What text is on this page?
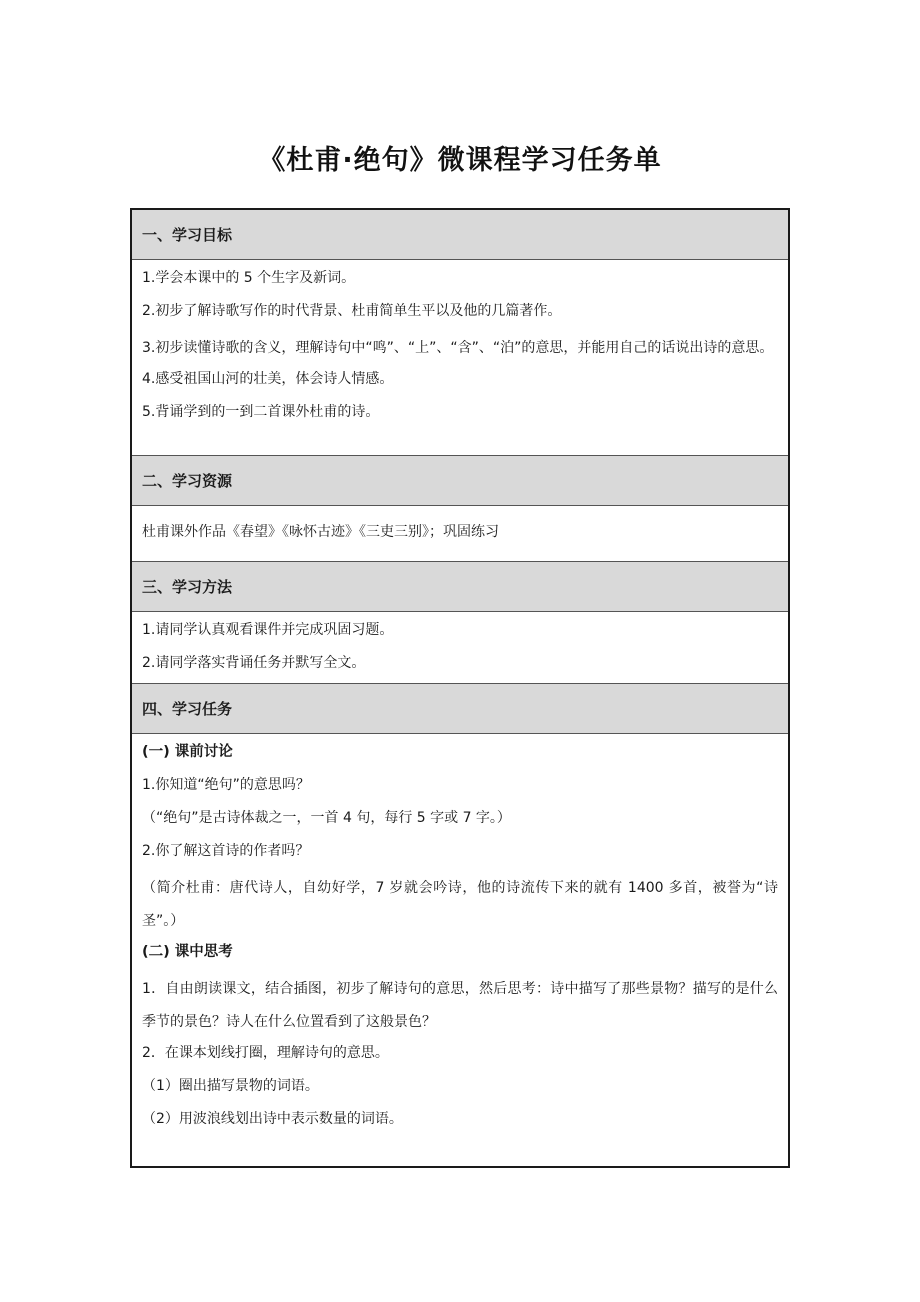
《杜甫·绝句》微课程学习任务单
一、学习目标
1.学会本课中的 5 个生字及新词。
2.初步了解诗歌写作的时代背景、杜甫简单生平以及他的几篇著作。
3.初步读懂诗歌的含义，理解诗句中“鸣”、“上”、“含”、“泊”的意思，并能用自己的话说出诗的意思。
4.感受祖国山河的壮美，体会诗人情感。
5.背诵学到的一到二首课外杜甫的诗。
二、学习资源
杜甫课外作品《春望》《咏怀古迹》《三吏三别》；巩固练习
三、学习方法
1.请同学认真观看课件并完成巩固习题。
2.请同学落实背诵任务并默写全文。
四、学习任务
(一) 课前讨论
1.你知道“绝句”的意思吗？
（“绝句”是古诗体裁之一，一首 4 句，每行 5 字或 7 字。）
2.你了解这首诗的作者吗？
（简介杜甫：唐代诗人，自幼好学，7 岁就会吟诗，他的诗流传下来的就有 1400 多首，被誉为“诗圣”。）
(二) 课中思考
1．自由朗读课文，结合插图，初步了解诗句的意思，然后思考：诗中描写了那些景物？描写的是什么季节的景色？诗人在什么位置看到了这般景色？
2．在课本划线打圈，理解诗句的意思。
（1）圈出描写景物的词语。
（2）用波浪线划出诗中表示数量的词语。
